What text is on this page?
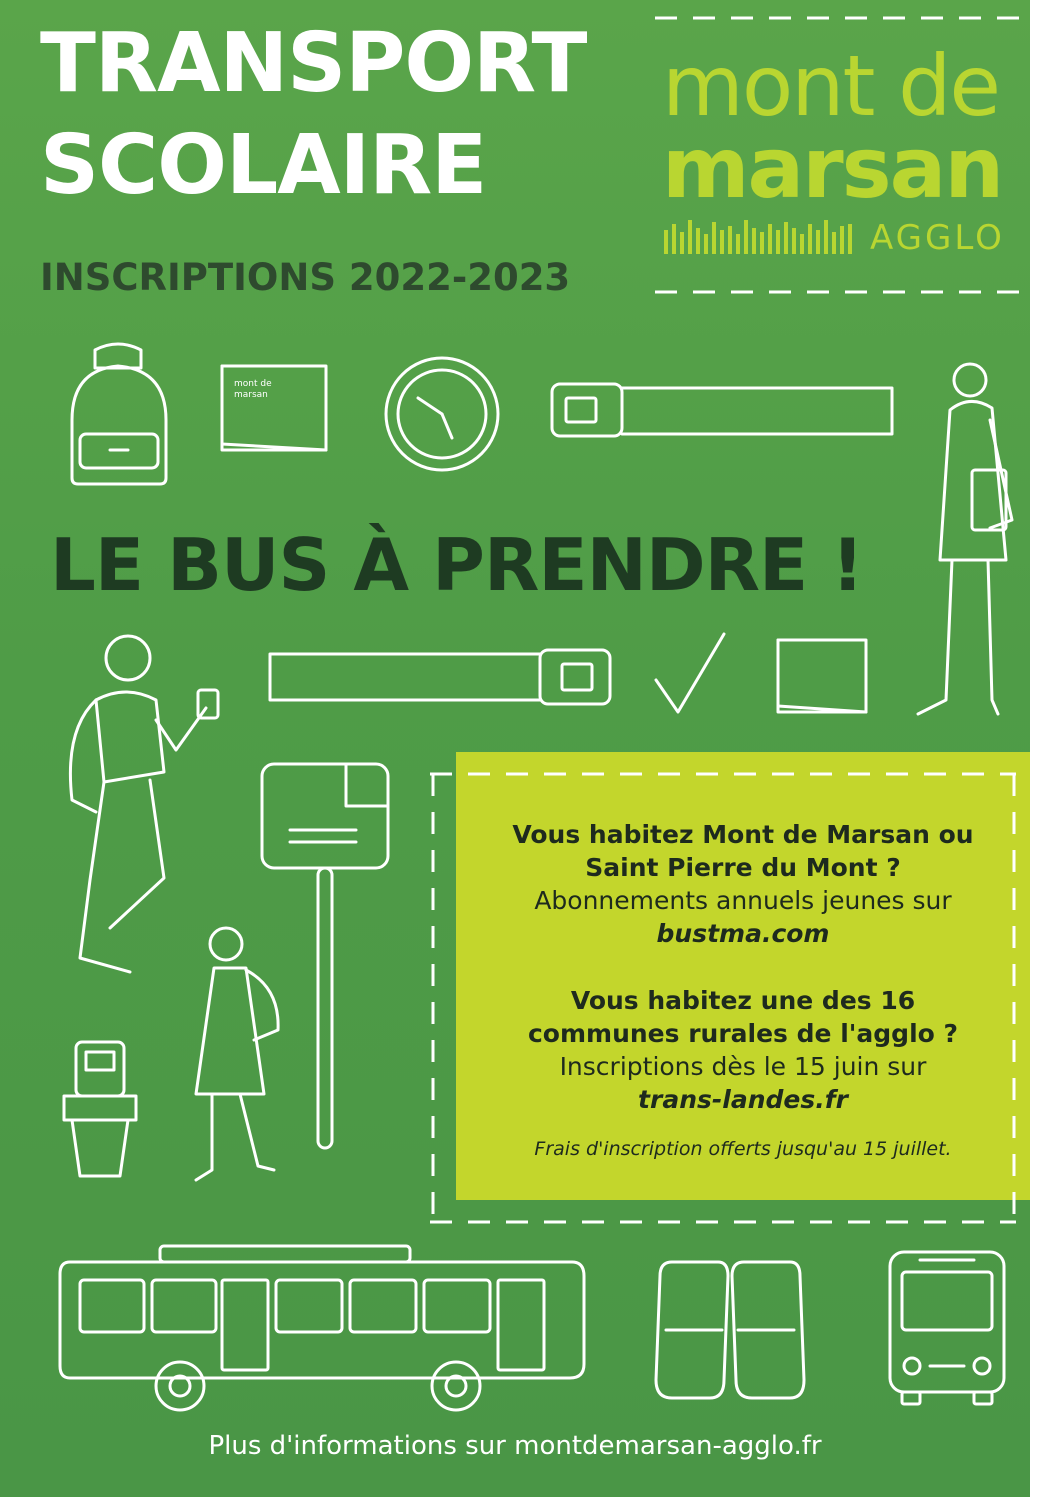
TRANSPORT
SCOLAIRE
INSCRIPTIONS 2022-2023
mont de
marsan
AGGLO
mont de
marsan
LE BUS À PRENDRE !

Vous habitez Mont de Marsan ou

Saint Pierre du Mont ?

Abonnements annuels jeunes sur

bustma.com

Vous habitez une des 16

communes rurales de l'agglo ?

Inscriptions dès le 15 juin sur

trans-landes.fr

Frais d'inscription offerts jusqu'au 15 juillet.

Plus d'informations sur montdemarsan-agglo.fr
